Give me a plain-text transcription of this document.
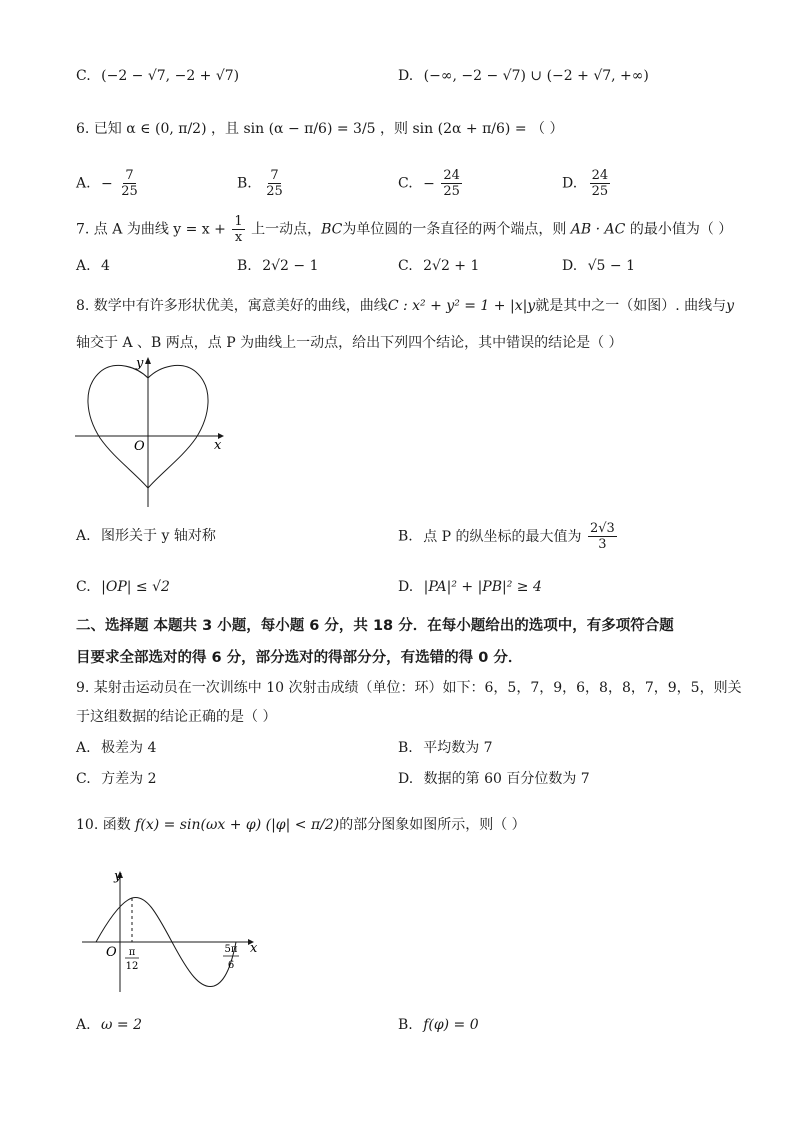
C. (−2 − √7, −2 + √7)	D. (−∞, −2 − √7) ∪ (−2 + √7, +∞)
6. 已知 α ∈ (0, π/2) ，且 sin (α − π/6) = 3/5 ，则 sin (2α + π/6) = （ ）
A. − $\frac{7}{25}$	B. $\frac{7}{25}$	C. − $\frac{24}{25}$	D. $\frac{24}{25}$
7. 点 A 为曲线 $y = x + \frac{1}{x}$ 上一动点，BC为单位圆的一条直径的两个端点，则 AB · AC 的最小值为（ ）
A. 4	B. 2√2 − 1	C. 2√2 + 1	D. √5 − 1
8. 数学中有许多形状优美，寓意美好的曲线，曲线C : x² + y² = 1 + |x|y就是其中之一（如图）. 曲线与y
轴交于 A 、B 两点，点 P 为曲线上一动点，给出下列四个结论，其中错误的结论是（ ）
y
x
O
A. 图形关于 y 轴对称	B. 点 P 的纵坐标的最大值为 $\frac{2√3}{3}$
C. |OP| ≤ √2	D. |PA|² + |PB|² ≥ 4
二、选择题 本题共 3 小题，每小题 6 分，共 18 分．在每小题给出的选项中，有多项符合题
目要求全部选对的得 6 分，部分选对的得部分分，有选错的得 0 分．
9. 某射击运动员在一次训练中 10 次射击成绩（单位：环）如下：6，5，7，9，6，8，8，7，9，5，则关
于这组数据的结论正确的是（ ）
A. 极差为 4	B. 平均数为 7
C. 方差为 2	D. 数据的第 60 百分位数为 7
10. 函数 f(x) = sin(ωx + φ) (|φ| < π/2)的部分图象如图所示，则（ ）
y
x
O π
12
5π
6
A. ω = 2	B. f(φ) = 0
